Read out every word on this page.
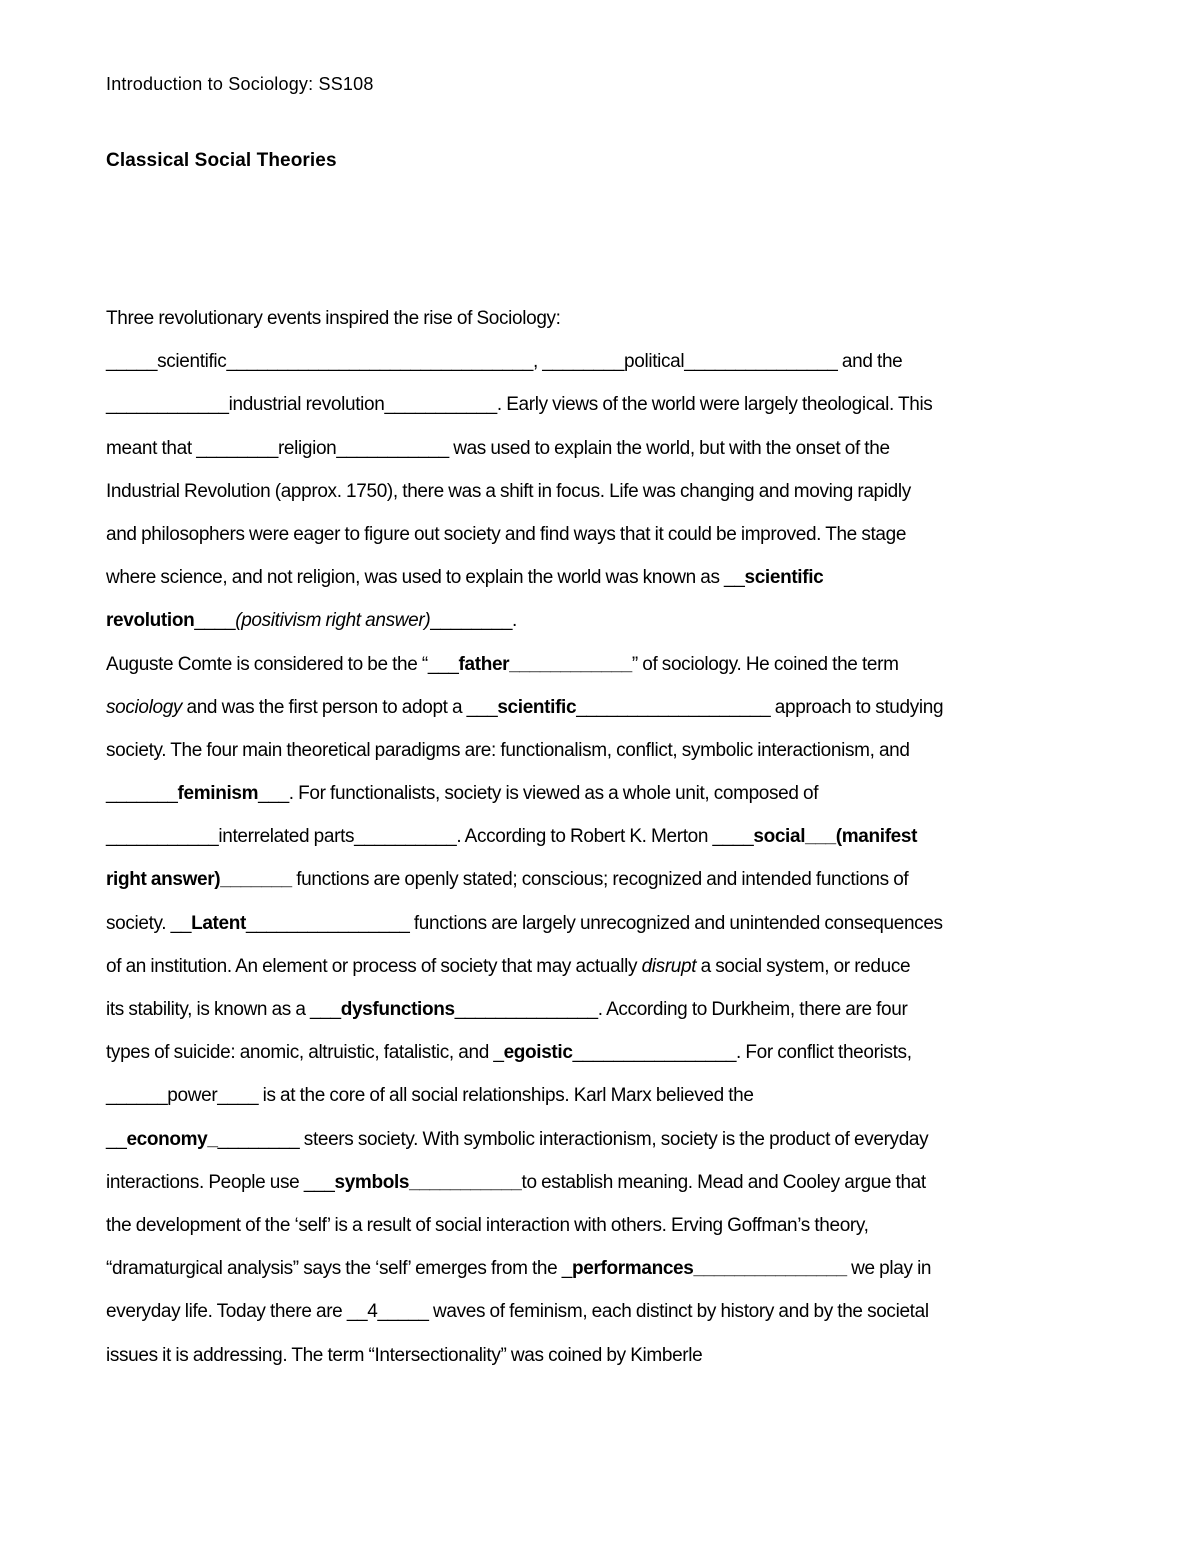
Introduction to Sociology: SS108
Classical Social Theories
Three revolutionary events inspired the rise of Sociology:
_____scientific______________________________, ________political_______________ and the
____________industrial revolution___________. Early views of the world were largely theological. This
meant that ________religion___________ was used to explain the world, but with the onset of the
Industrial Revolution (approx. 1750), there was a shift in focus. Life was changing and moving rapidly
and philosophers were eager to figure out society and find ways that it could be improved. The stage
where science, and not religion, was used to explain the world was known as __scientific
revolution____(positivism right answer)________.
Auguste Comte is considered to be the “___father____________” of sociology. He coined the term
sociology and was the first person to adopt a ___scientific___________________ approach to studying
society. The four main theoretical paradigms are: functionalism, conflict, symbolic interactionism, and
_______feminism___. For functionalists, society is viewed as a whole unit, composed of
___________interrelated parts__________. According to Robert K. Merton ____social___(manifest
right answer)_______ functions are openly stated; conscious; recognized and intended functions of
society. __Latent________________ functions are largely unrecognized and unintended consequences
of an institution. An element or process of society that may actually disrupt a social system, or reduce
its stability, is known as a ___dysfunctions______________. According to Durkheim, there are four
types of suicide: anomic, altruistic, fatalistic, and _egoistic________________. For conflict theorists,
______power____ is at the core of all social relationships. Karl Marx believed the
__economy_________ steers society. With symbolic interactionism, society is the product of everyday
interactions. People use ___symbols___________to establish meaning. Mead and Cooley argue that
the development of the ‘self’ is a result of social interaction with others. Erving Goffman’s theory,
“dramaturgical analysis” says the ‘self’ emerges from the _performances_______________ we play in
everyday life. Today there are __4_____ waves of feminism, each distinct by history and by the societal
issues it is addressing. The term “Intersectionality” was coined by Kimberle
